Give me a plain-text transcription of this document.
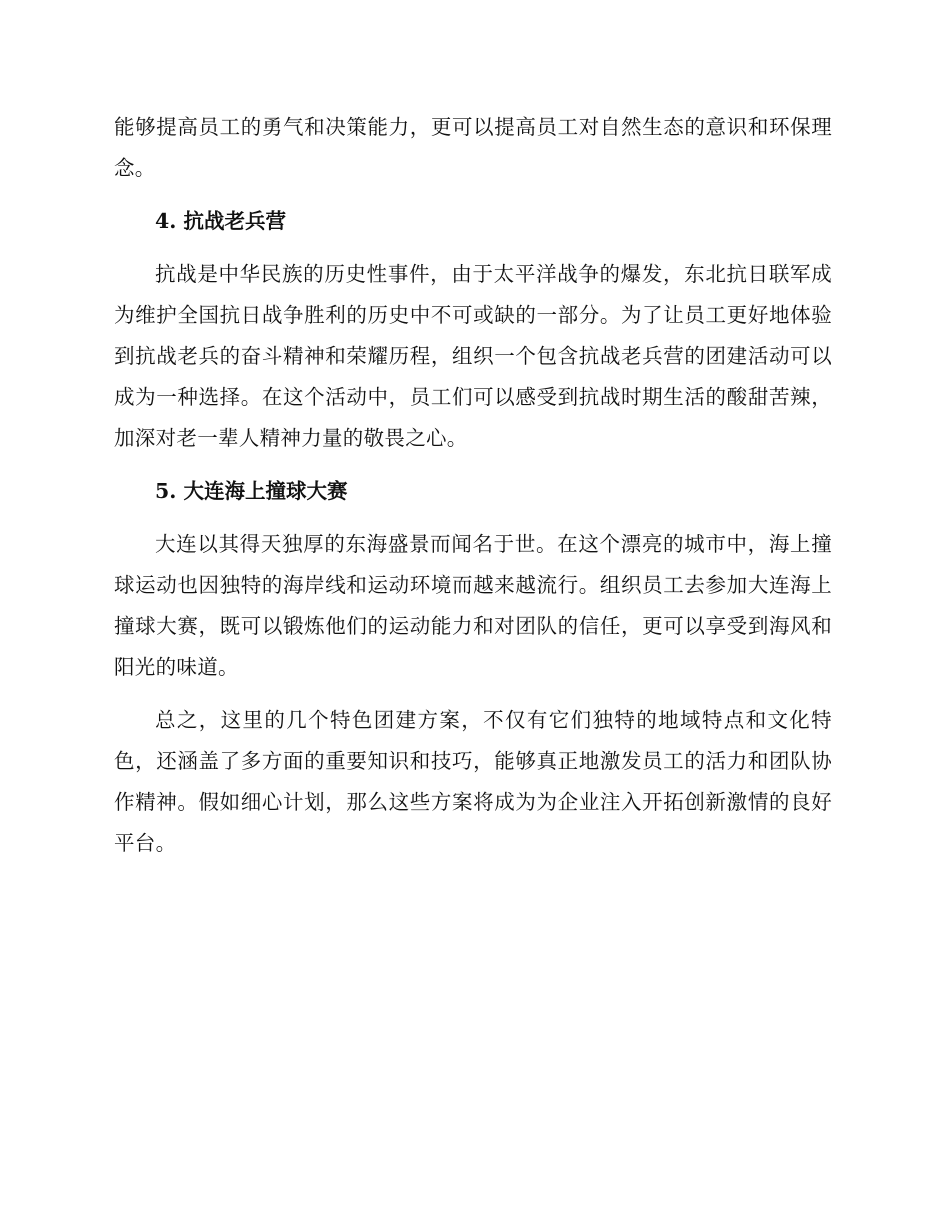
能够提高员工的勇气和决策能力，更可以提高员工对自然生态的意识和环保理念。

4. 抗战老兵营

抗战是中华民族的历史性事件，由于太平洋战争的爆发，东北抗日联军成为维护全国抗日战争胜利的历史中不可或缺的一部分。为了让员工更好地体验到抗战老兵的奋斗精神和荣耀历程，组织一个包含抗战老兵营的团建活动可以成为一种选择。在这个活动中，员工们可以感受到抗战时期生活的酸甜苦辣，加深对老一辈人精神力量的敬畏之心。

5. 大连海上撞球大赛

大连以其得天独厚的东海盛景而闻名于世。在这个漂亮的城市中，海上撞球运动也因独特的海岸线和运动环境而越来越流行。组织员工去参加大连海上撞球大赛，既可以锻炼他们的运动能力和对团队的信任，更可以享受到海风和阳光的味道。

总之，这里的几个特色团建方案，不仅有它们独特的地域特点和文化特色，还涵盖了多方面的重要知识和技巧，能够真正地激发员工的活力和团队协作精神。假如细心计划，那么这些方案将成为为企业注入开拓创新激情的良好平台。
